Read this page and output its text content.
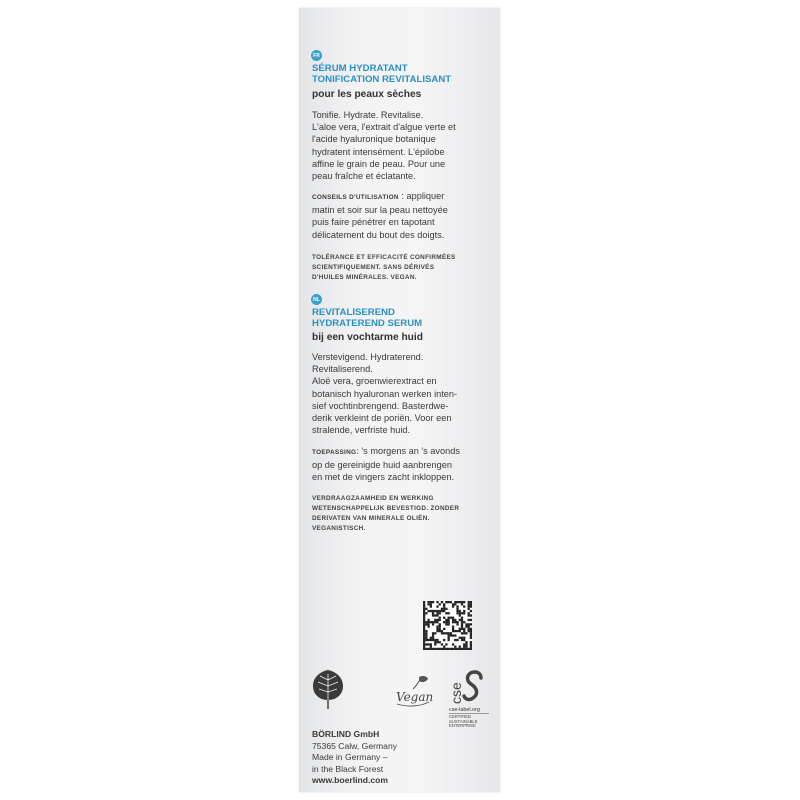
FR
SÉRUM HYDRATANT
TONIFICATION REVITALISANT
pour les peaux sèches
Tonifie. Hydrate. Revitalise.
L'aloe vera, l'extrait d'algue verte et
l'acide hyaluronique botanique
hydratent intensément. L'épilobe
affine le grain de peau. Pour une
peau fraîche et éclatante.
CONSEILS D'UTILISATION : appliquer
matin et soir sur la peau nettoyée
puis faire pénétrer en tapotant
délicatement du bout des doigts.
TOLÉRANCE ET EFFICACITÉ CONFIRMÉES
SCIENTIFIQUEMENT. SANS DÉRIVÉS
D'HUILES MINÉRALES. VEGAN.
NL
REVITALISEREND
HYDRATEREND SERUM
bij een vochtarme huid
Verstevigend. Hydraterend.
Revitaliserend.
Aloë vera, groenwierextract en
botanisch hyaluronan werken inten-
sief vochtinbrengend. Basterdwe-
derik verkleint de poriën. Voor een
stralende, verfriste huid.
TOEPASSING: 's morgens an 's avonds
op de gereinigde huid aanbrengen
en met de vingers zacht inkloppen.
VERDRAAGZAAMHEID EN WERKING
WETENSCHAPPELIJK BEVESTIGD. ZONDER
DERIVATEN VAN MINERALE OLIËN.
VEGANISTISCH.
Vegan cse
cse-label.org
CERTIFIED
SUSTAINABLE
ENTERPRISE
BÖRLIND GmbH
75365 Calw, Germany
Made in Germany –
in the Black Forest
www.boerlind.com
